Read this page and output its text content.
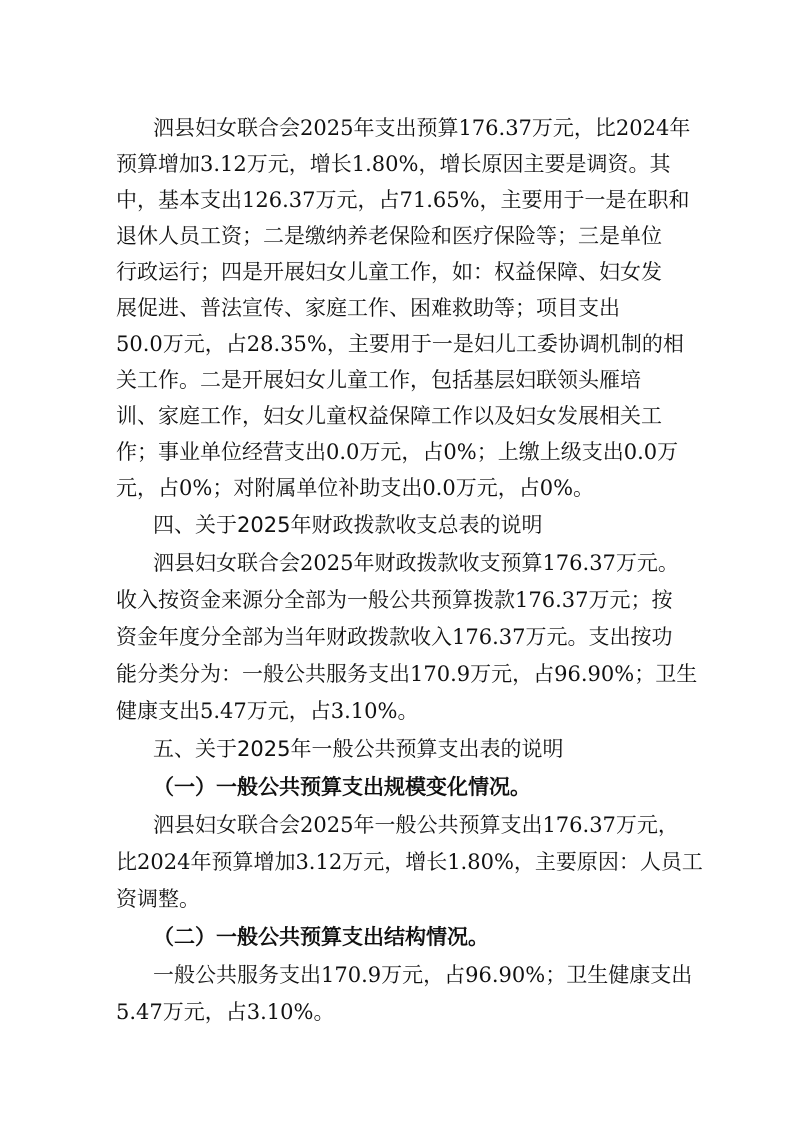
泗县妇女联合会2025年支出预算176.37万元，比2024年
预算增加3.12万元，增长1.80%，增长原因主要是调资。其
中，基本支出126.37万元，占71.65%，主要用于一是在职和
退休人员工资；二是缴纳养老保险和医疗保险等；三是单位
行政运行；四是开展妇女儿童工作，如：权益保障、妇女发
展促进、普法宣传、家庭工作、困难救助等；项目支出
50.0万元，占28.35%，主要用于一是妇儿工委协调机制的相
关工作。二是开展妇女儿童工作，包括基层妇联领头雁培
训、家庭工作，妇女儿童权益保障工作以及妇女发展相关工
作；事业单位经营支出0.0万元，占0%；上缴上级支出0.0万
元，占0%；对附属单位补助支出0.0万元，占0%。
四、关于2025年财政拨款收支总表的说明
泗县妇女联合会2025年财政拨款收支预算176.37万元。
收入按资金来源分全部为一般公共预算拨款176.37万元；按
资金年度分全部为当年财政拨款收入176.37万元。支出按功
能分类分为：一般公共服务支出170.9万元，占96.90%；卫生
健康支出5.47万元，占3.10%。
五、关于2025年一般公共预算支出表的说明
（一）一般公共预算支出规模变化情况。
泗县妇女联合会2025年一般公共预算支出176.37万元，
比2024年预算增加3.12万元，增长1.80%，主要原因：人员工
资调整。
（二）一般公共预算支出结构情况。
一般公共服务支出170.9万元，占96.90%；卫生健康支出
5.47万元，占3.10%。
